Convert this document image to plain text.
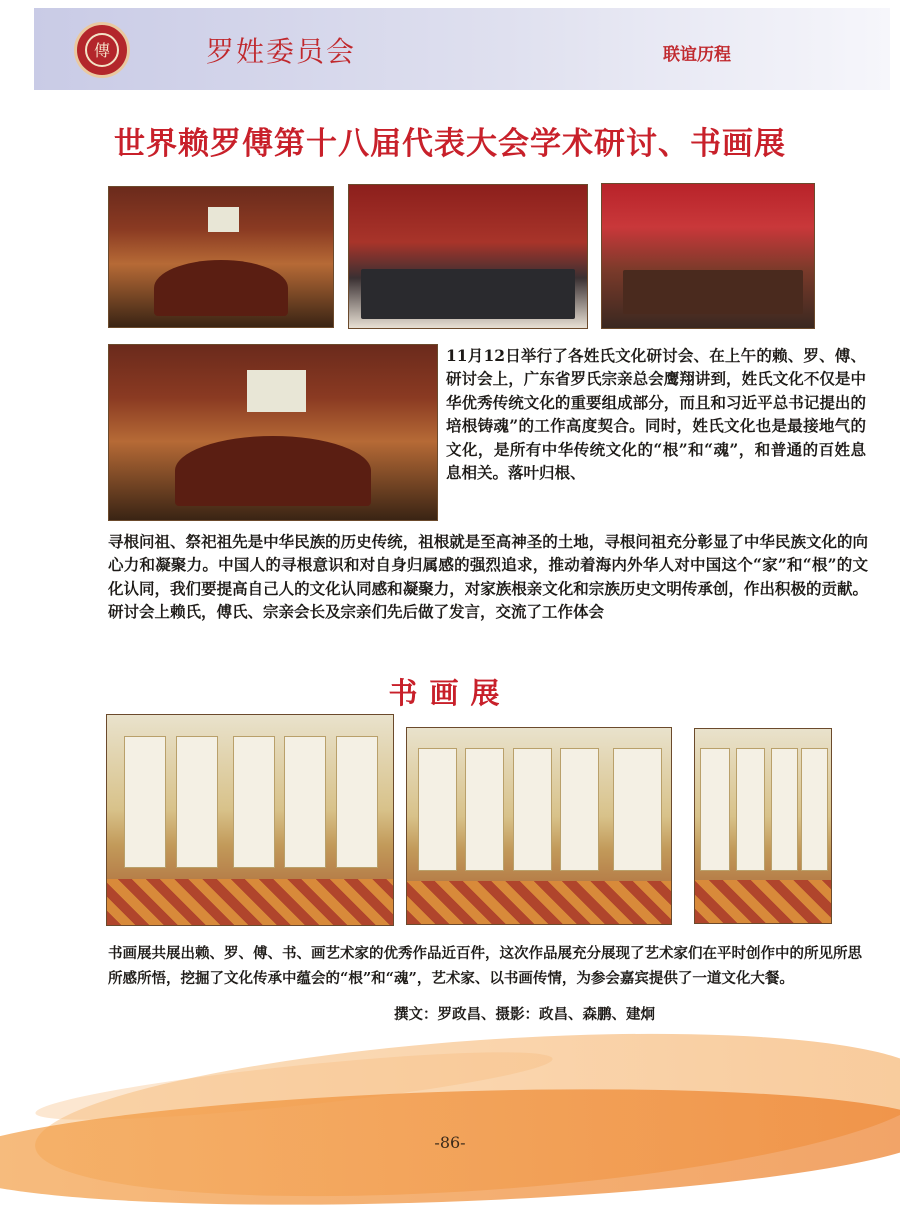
傳	罗姓委员会	联谊历程
世界赖罗傅第十八届代表大会学术研讨、书画展
11月12日举行了各姓氏文化研讨会、在上午的赖、罗、傅、研讨会上，广东省罗氏宗亲总会鹰翔讲到，姓氏文化不仅是中华优秀传统文化的重要组成部分，而且和习近平总书记提出的培根铸魂”的工作高度契合。同时，姓氏文化也是最接地气的文化，是所有中华传统文化的“根”和“魂”，和普通的百姓息息相关。落叶归根、
寻根问祖、祭祀祖先是中华民族的历史传统，祖根就是至高神圣的土地，寻根问祖充分彰显了中华民族文化的向心力和凝聚力。中国人的寻根意识和对自身归属感的强烈追求，推动着海内外华人对中国这个“家”和“根”的文化认同，我们要提高自己人的文化认同感和凝聚力，对家族根亲文化和宗族历史文明传承创，作出积极的贡献。研讨会上赖氏，傅氏、宗亲会长及宗亲们先后做了发言，交流了工作体会
书画展
书画展共展出赖、罗、傅、书、画艺术家的优秀作品近百件，这次作品展充分展现了艺术家们在平时创作中的所见所思所感所悟，挖掘了文化传承中蕴会的“根”和“魂”，艺术家、以书画传情，为参会嘉宾提供了一道文化大餐。
撰文：罗政昌、摄影：政昌、森鹏、建炯
-86-
